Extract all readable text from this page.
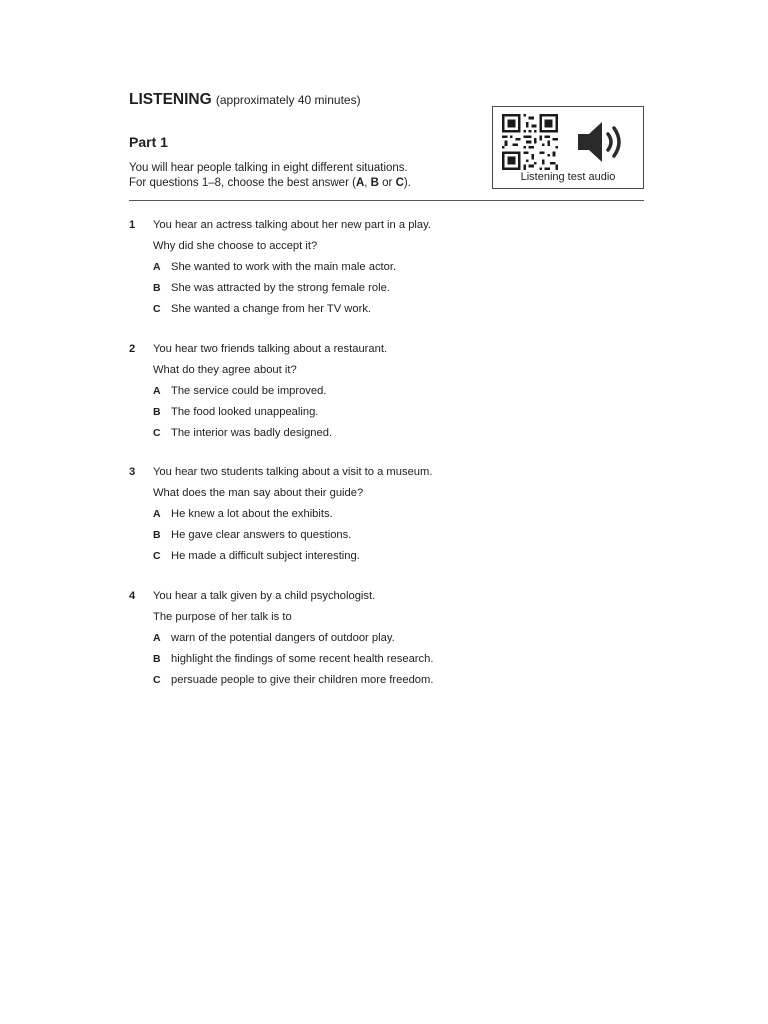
LISTENING (approximately 40 minutes)
Part 1
You will hear people talking in eight different situations.
For questions 1–8, choose the best answer (A, B or C).	Listening test audio
1 You hear an actress talking about her new part in a play.
Why did she choose to accept it?
A She wanted to work with the main male actor.
B She was attracted by the strong female role.
C She wanted a change from her TV work.
2 You hear two friends talking about a restaurant.
What do they agree about it?
A The service could be improved.
B The food looked unappealing.
C The interior was badly designed.
3 You hear two students talking about a visit to a museum.
What does the man say about their guide?
A He knew a lot about the exhibits.
B He gave clear answers to questions.
C He made a difficult subject interesting.
4 You hear a talk given by a child psychologist.
The purpose of her talk is to
A warn of the potential dangers of outdoor play.
B highlight the findings of some recent health research.
C persuade people to give their children more freedom.
